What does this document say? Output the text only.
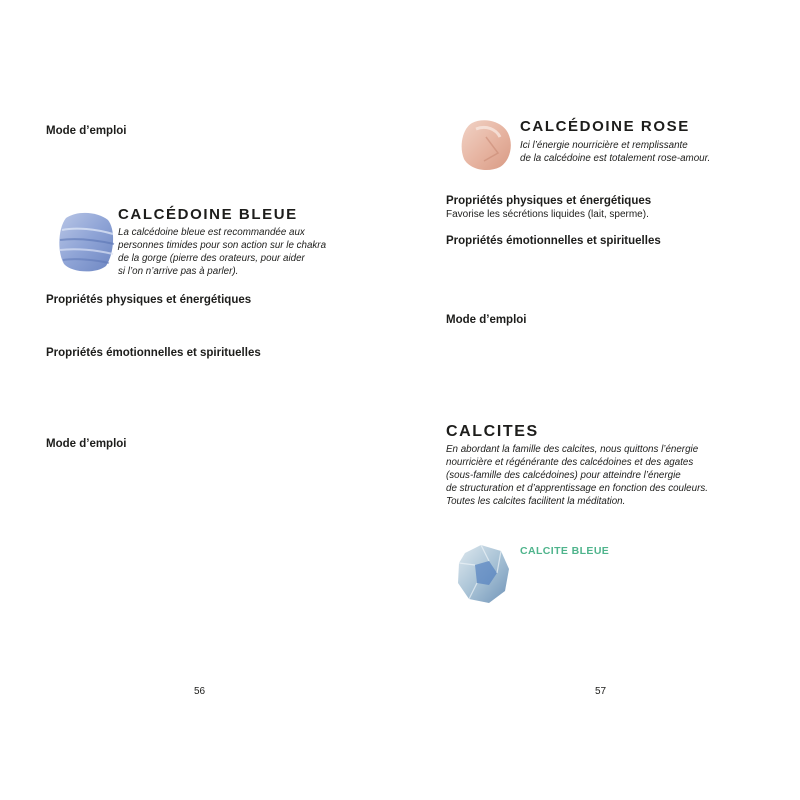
Mode d’emploi
CALCÉDOINE BLEUE
La calcédoine bleue est recommandée aux
personnes timides pour son action sur le chakra
de la gorge (pierre des orateurs, pour aider
si l’on n’arrive pas à parler).
Propriétés physiques et énergétiques
Propriétés émotionnelles et spirituelles
Mode d’emploi
56
CALCÉDOINE ROSE
Ici l’énergie nourricière et remplissante
de la calcédoine est totalement rose-amour.
Propriétés physiques et énergétiques
Favorise les sécrétions liquides (lait, sperme).
Propriétés émotionnelles et spirituelles
Mode d’emploi
CALCITES
En abordant la famille des calcites, nous quittons l’énergie
nourricière et régénérante des calcédoines et des agates
(sous-famille des calcédoines) pour atteindre l’énergie
de structuration et d’apprentissage en fonction des couleurs.
Toutes les calcites facilitent la méditation.
CALCITE BLEUE
57
